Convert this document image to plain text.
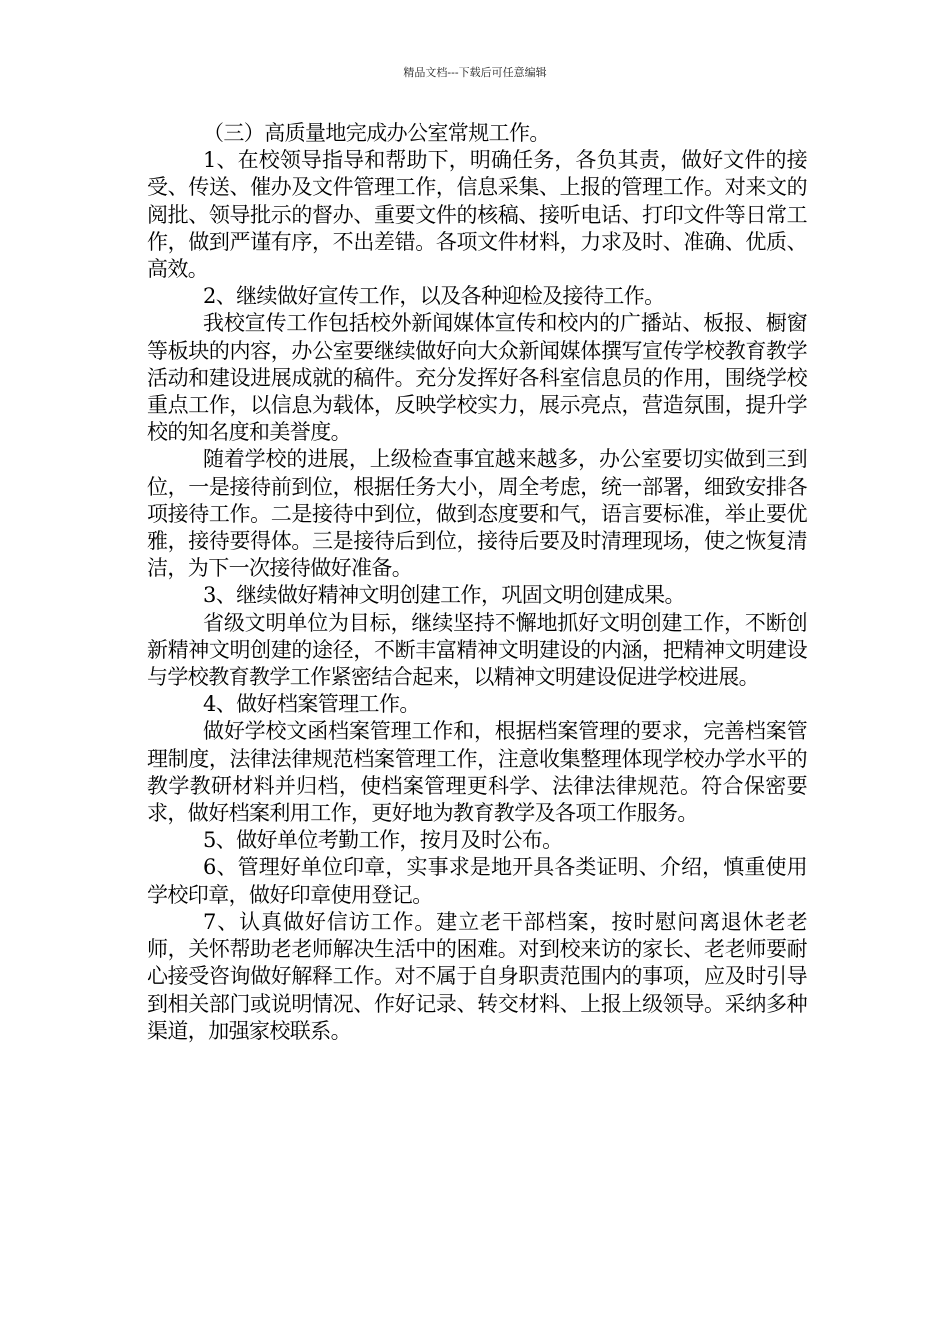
精品文档---下载后可任意编辑

（三）高质量地完成办公室常规工作。

1、在校领导指导和帮助下，明确任务，各负其责，做好文件的接受、传送、催办及文件管理工作，信息采集、上报的管理工作。对来文的阅批、领导批示的督办、重要文件的核稿、接听电话、打印文件等日常工作，做到严谨有序，不出差错。各项文件材料，力求及时、准确、优质、高效。

2、继续做好宣传工作，以及各种迎检及接待工作。

我校宣传工作包括校外新闻媒体宣传和校内的广播站、板报、橱窗等板块的内容，办公室要继续做好向大众新闻媒体撰写宣传学校教育教学活动和建设进展成就的稿件。充分发挥好各科室信息员的作用，围绕学校重点工作，以信息为载体，反映学校实力，展示亮点，营造氛围，提升学校的知名度和美誉度。

随着学校的进展，上级检查事宜越来越多，办公室要切实做到三到位，一是接待前到位，根据任务大小，周全考虑，统一部署，细致安排各项接待工作。二是接待中到位，做到态度要和气，语言要标准，举止要优雅，接待要得体。三是接待后到位，接待后要及时清理现场，使之恢复清洁，为下一次接待做好准备。

3、继续做好精神文明创建工作，巩固文明创建成果。

省级文明单位为目标，继续坚持不懈地抓好文明创建工作，不断创新精神文明创建的途径，不断丰富精神文明建设的内涵，把精神文明建设与学校教育教学工作紧密结合起来，以精神文明建设促进学校进展。

4、做好档案管理工作。

做好学校文函档案管理工作和，根据档案管理的要求，完善档案管理制度，法律法律规范档案管理工作，注意收集整理体现学校办学水平的教学教研材料并归档，使档案管理更科学、法律法律规范。符合保密要求，做好档案利用工作，更好地为教育教学及各项工作服务。

5、做好单位考勤工作，按月及时公布。

6、管理好单位印章，实事求是地开具各类证明、介绍，慎重使用学校印章，做好印章使用登记。

7、认真做好信访工作。建立老干部档案，按时慰问离退休老老师，关怀帮助老老师解决生活中的困难。对到校来访的家长、老老师要耐心接受咨询做好解释工作。对不属于自身职责范围内的事项，应及时引导到相关部门或说明情况、作好记录、转交材料、上报上级领导。采纳多种渠道，加强家校联系。
